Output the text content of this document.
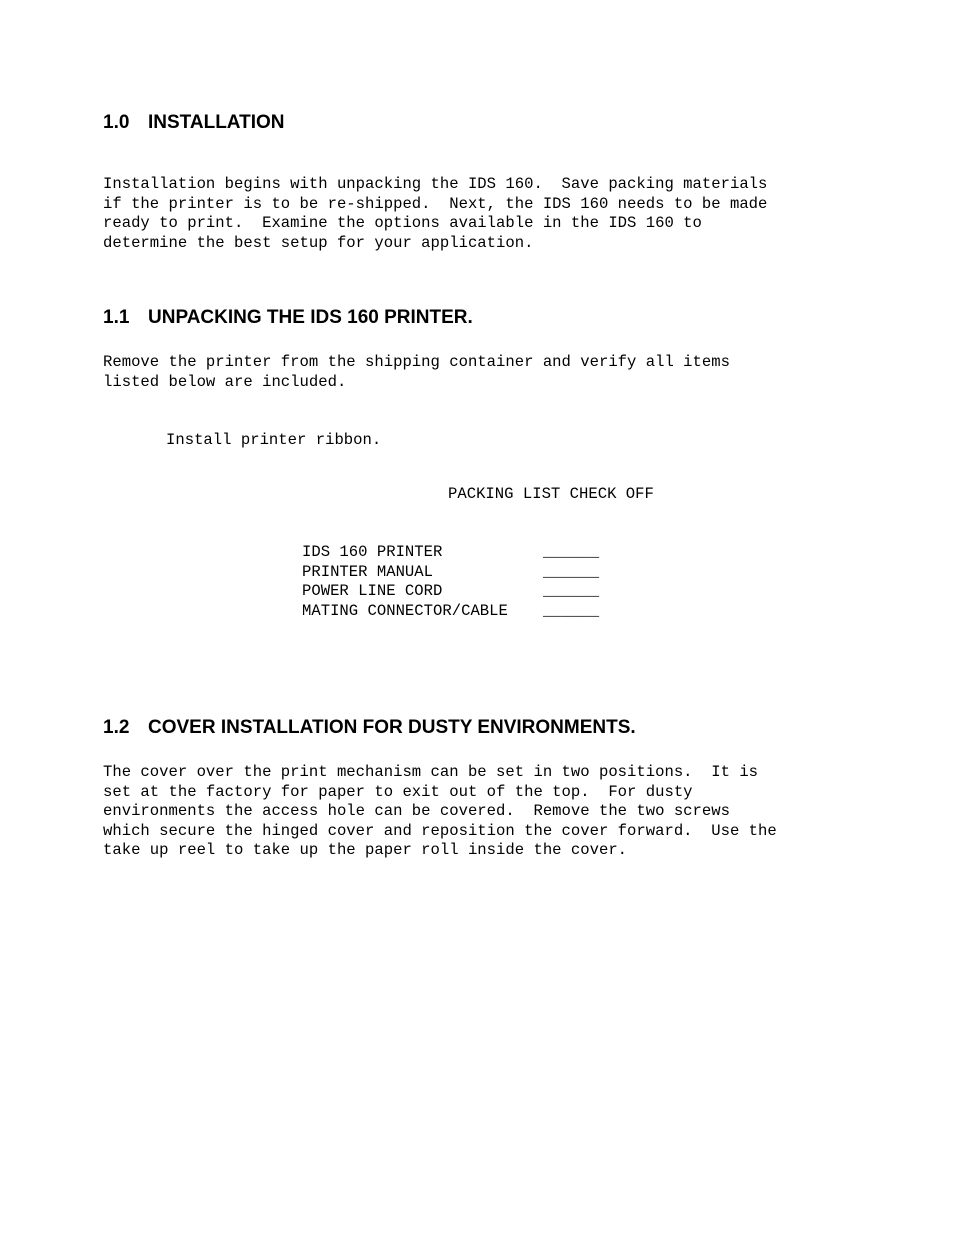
1.0 INSTALLATION

Installation begins with unpacking the IDS 160.  Save packing materials
if the printer is to be re-shipped.  Next, the IDS 160 needs to be made
ready to print.  Examine the options available in the IDS 160 to
determine the best setup for your application.

1.1 UNPACKING THE IDS 160 PRINTER.

Remove the printer from the shipping container and verify all items
listed below are included.

Install printer ribbon.

PACKING LIST CHECK OFF

IDS 160 PRINTER	______
PRINTER MANUAL	______
POWER LINE CORD	______
MATING CONNECTOR/CABLE	______
1.2 COVER INSTALLATION FOR DUSTY ENVIRONMENTS.

The cover over the print mechanism can be set in two positions.  It is
set at the factory for paper to exit out of the top.  For dusty
environments the access hole can be covered.  Remove the two screws
which secure the hinged cover and reposition the cover forward.  Use the
take up reel to take up the paper roll inside the cover.
